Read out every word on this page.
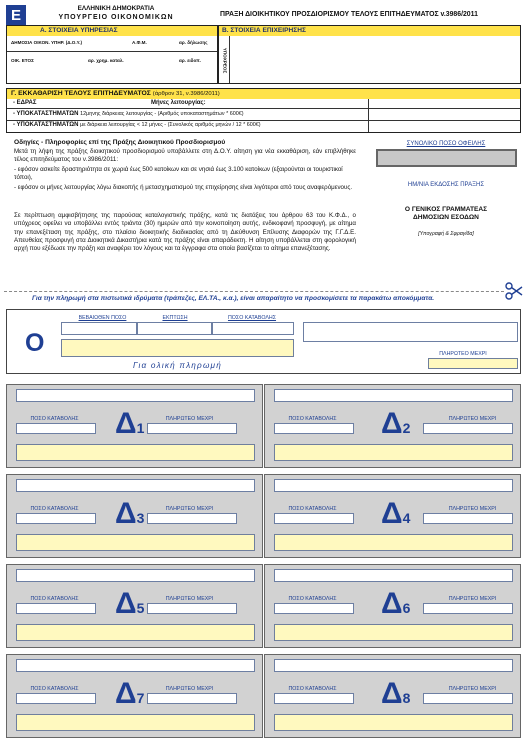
Ε	ΕΛΛΗΝΙΚΗ ΔΗΜΟΚΡΑΤΙΑ
ΥΠΟΥΡΓΕΙΟ ΟΙΚΟΝΟΜΙΚΩΝ	ΠΡΑΞΗ ΔΙΟΙΚΗΤΙΚΟΥ ΠΡΟΣΔΙΟΡΙΣΜΟΥ ΤΕΛΟΥΣ ΕΠΙΤΗΔΕΥΜΑΤΟΣ v.3986/2011
Α. ΣΤΟΙΧΕΙΑ ΥΠΗΡΕΣΙΑΣ
ΔΗΜΟΣΙΑ ΟΙΚΟΝ. ΥΠΗΡ. (Δ.Ο.Υ.)	Α.Φ.Μ.	αρ. δήλωσης
ΟΙΚ. ΕΤΟΣ	αρ. χρημ. καταλ.	αρ. ειδοπ.
Β. ΣΤΟΙΧΕΙΑ ΕΠΙΧΕΙΡΗΣΗΣ
ΥΠΟΧΡΕΟΣ
Γ. ΕΚΚΑΘΑΡΙΣΗ ΤΕΛΟΥΣ ΕΠΙΤΗΔΕΥΜΑΤΟΣ (άρθρον 31, ν.3986/2011)
- ΕΔΡΑΣ	Μήνες λειτουργίας:
- ΥΠΟΚΑΤΑΣΤΗΜΑΤΩΝ 12μηνης διάρκειας λειτουργίας - (Αριθμός υποκαταστημάτων * 600€)
- ΥΠΟΚΑΤΑΣΤΗΜΑΤΩΝ με διάρκεια λειτουργίας < 12 μήνες - (Συνολικός αριθμός μηνών / 12 * 600€)
Οδηγίες - Πληροφορίες επί της Πράξης Διοικητικού Προσδιορισμού
Μετά τη λήψη της πράξης διοικητικού προσδιορισμού υποβάλλετε στη Δ.Ο.Υ. αίτηση για νέα εκκαθάριση, εάν επιβλήθηκε τέλος επιτηδεύματος του ν.3986/2011:
- εφόσον ασκείτε δραστηριότητα σε χωριά έως 500 κατοίκων και σε νησιά έως 3.100 κατοίκων (εξαιρούνται οι τουριστικοί τόποι),
- εφόσον οι μήνες λειτουργίας λόγω διακοπής ή μετασχηματισμού της επιχείρησης είναι λιγότεροι από τους αναφερόμενους.
Σε περίπτωση αμφισβήτησης της παρούσας καταλογιστικής πράξης, κατά τις διατάξεις του άρθρου 63 του Κ.Φ.Δ., ο υπόχρεος οφείλει να υποβάλλει εντός τριάντα (30) ημερών από την κοινοποίηση αυτής, ενδικοφανή προσφυγή, με αίτημα την επανεξέταση της πράξης, στο πλαίσιο διοικητικής διαδικασίας από τη Διεύθυνση Επίλυσης Διαφορών της Γ.Γ.Δ.Ε. Απευθείας προσφυγή στα Διοικητικά Δικαστήρια κατά της πράξης είναι απαράδεκτη. Η αίτηση υποβάλλεται στη φορολογική αρχή που εξέδωσε την πράξη και αναφέρει τον λόγους και τα έγγραφα στα οποία βασίζεται το αίτημα επανεξέτασης.
ΣΥΝΟΛΙΚΟ ΠΟΣΟ ΟΦΕΙΛΗΣ
ΗΜ/ΝΙΑ ΕΚΔΟΣΗΣ ΠΡΑΞΗΣ
Ο ΓΕΝΙΚΟΣ ΓΡΑΜΜΑΤΕΑΣ
ΔΗΜΟΣΙΩΝ ΕΣΟΔΩΝ
[Υπογραφή & Σφραγίδα]
Για την πληρωμή στα πιστωτικά ιδρύματα (τράπεζες, ΕΛ.ΤΑ., κ.α.), είναι απαραίτητο να προσκομίσετε τα παρακάτω αποκόμματα.
Ο
ΒΕΒΑΙΩΘΕΝ ΠΟΣΟ	ΕΚΠΤΩΣΗ	ΠΟΣΟ ΚΑΤΑΒΟΛΗΣ
Για ολική πληρωμή
ΠΛΗΡΩΤΕΟ ΜΕΧΡΙ
ΠΟΣΟ ΚΑΤΑΒΟΛΗΣ	ΠΛΗΡΩΤΕΟ ΜΕΧΡΙ
Δ1
ΠΟΣΟ ΚΑΤΑΒΟΛΗΣ	ΠΛΗΡΩΤΕΟ ΜΕΧΡΙ
Δ2
ΠΟΣΟ ΚΑΤΑΒΟΛΗΣ	ΠΛΗΡΩΤΕΟ ΜΕΧΡΙ
Δ3
ΠΟΣΟ ΚΑΤΑΒΟΛΗΣ	ΠΛΗΡΩΤΕΟ ΜΕΧΡΙ
Δ4
ΠΟΣΟ ΚΑΤΑΒΟΛΗΣ	ΠΛΗΡΩΤΕΟ ΜΕΧΡΙ
Δ5
ΠΟΣΟ ΚΑΤΑΒΟΛΗΣ	ΠΛΗΡΩΤΕΟ ΜΕΧΡΙ
Δ6
ΠΟΣΟ ΚΑΤΑΒΟΛΗΣ	ΠΛΗΡΩΤΕΟ ΜΕΧΡΙ
Δ7
ΠΟΣΟ ΚΑΤΑΒΟΛΗΣ	ΠΛΗΡΩΤΕΟ ΜΕΧΡΙ
Δ8
